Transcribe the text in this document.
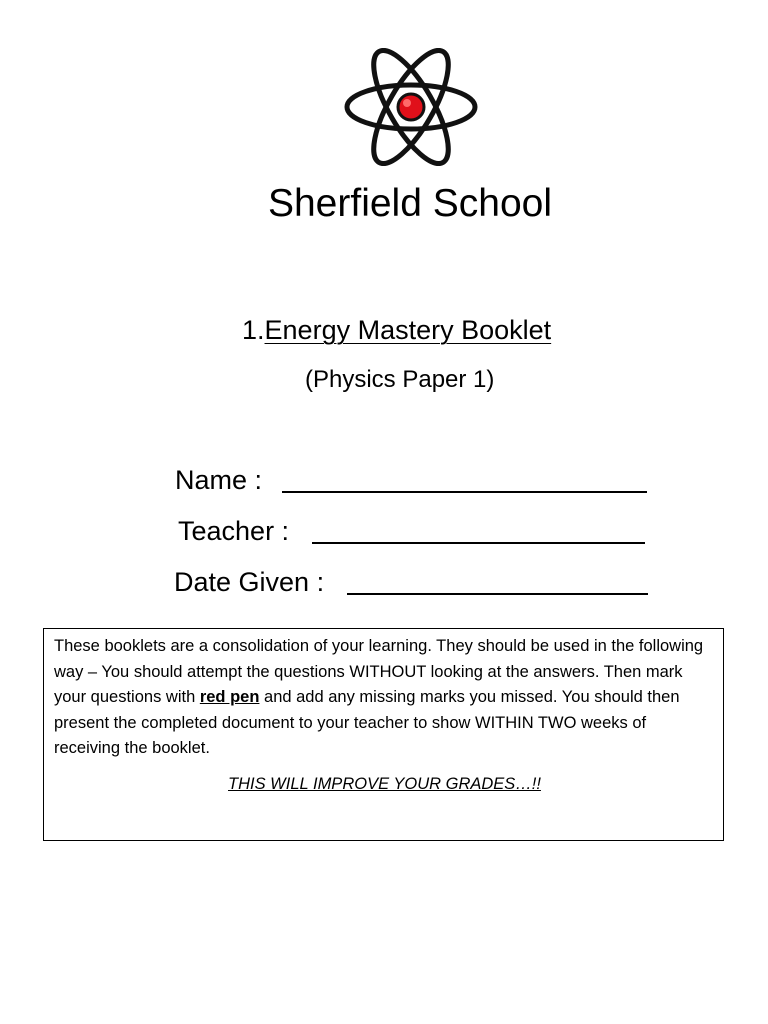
Sherfield School
1.Energy Mastery Booklet
(Physics Paper 1)
Name :
Teacher :
Date Given :

These booklets are a consolidation of your learning. They should be used in the following way – You should attempt the questions WITHOUT looking at the answers. Then mark your questions with red pen and add any missing marks you missed. You should then present the completed document to your teacher to show WITHIN TWO weeks of receiving the booklet.

THIS WILL IMPROVE YOUR GRADES…!!
